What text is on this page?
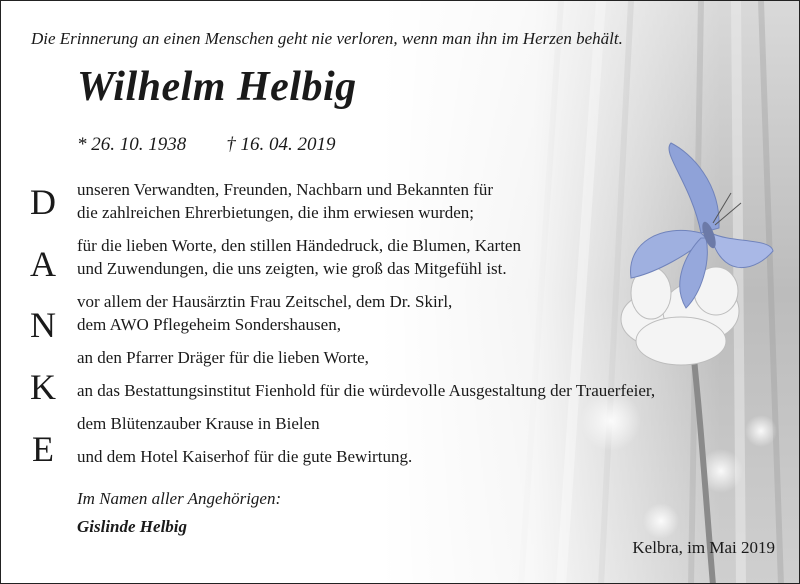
Die Erinnerung an einen Menschen geht nie verloren, wenn man ihn im Herzen behält.
Wilhelm Helbig
* 26. 10. 1938 † 16. 04. 2019
D
A
N
K
E
unseren Verwandten, Freunden, Nachbarn und Bekannten für
die zahlreichen Ehrerbietungen, die ihm erwiesen wurden;
für die lieben Worte, den stillen Händedruck, die Blumen, Karten
und Zuwendungen, die uns zeigten, wie groß das Mitgefühl ist.
vor allem der Hausärztin Frau Zeitschel, dem Dr. Skirl,
dem AWO Pflegeheim Sondershausen,
an den Pfarrer Dräger für die lieben Worte,
an das Bestattungsinstitut Fienhold für die würdevolle Ausgestaltung der Trauerfeier,
dem Blütenzauber Krause in Bielen
und dem Hotel Kaiserhof für die gute Bewirtung.
Im Namen aller Angehörigen:
Gislinde Helbig
Kelbra, im Mai 2019
